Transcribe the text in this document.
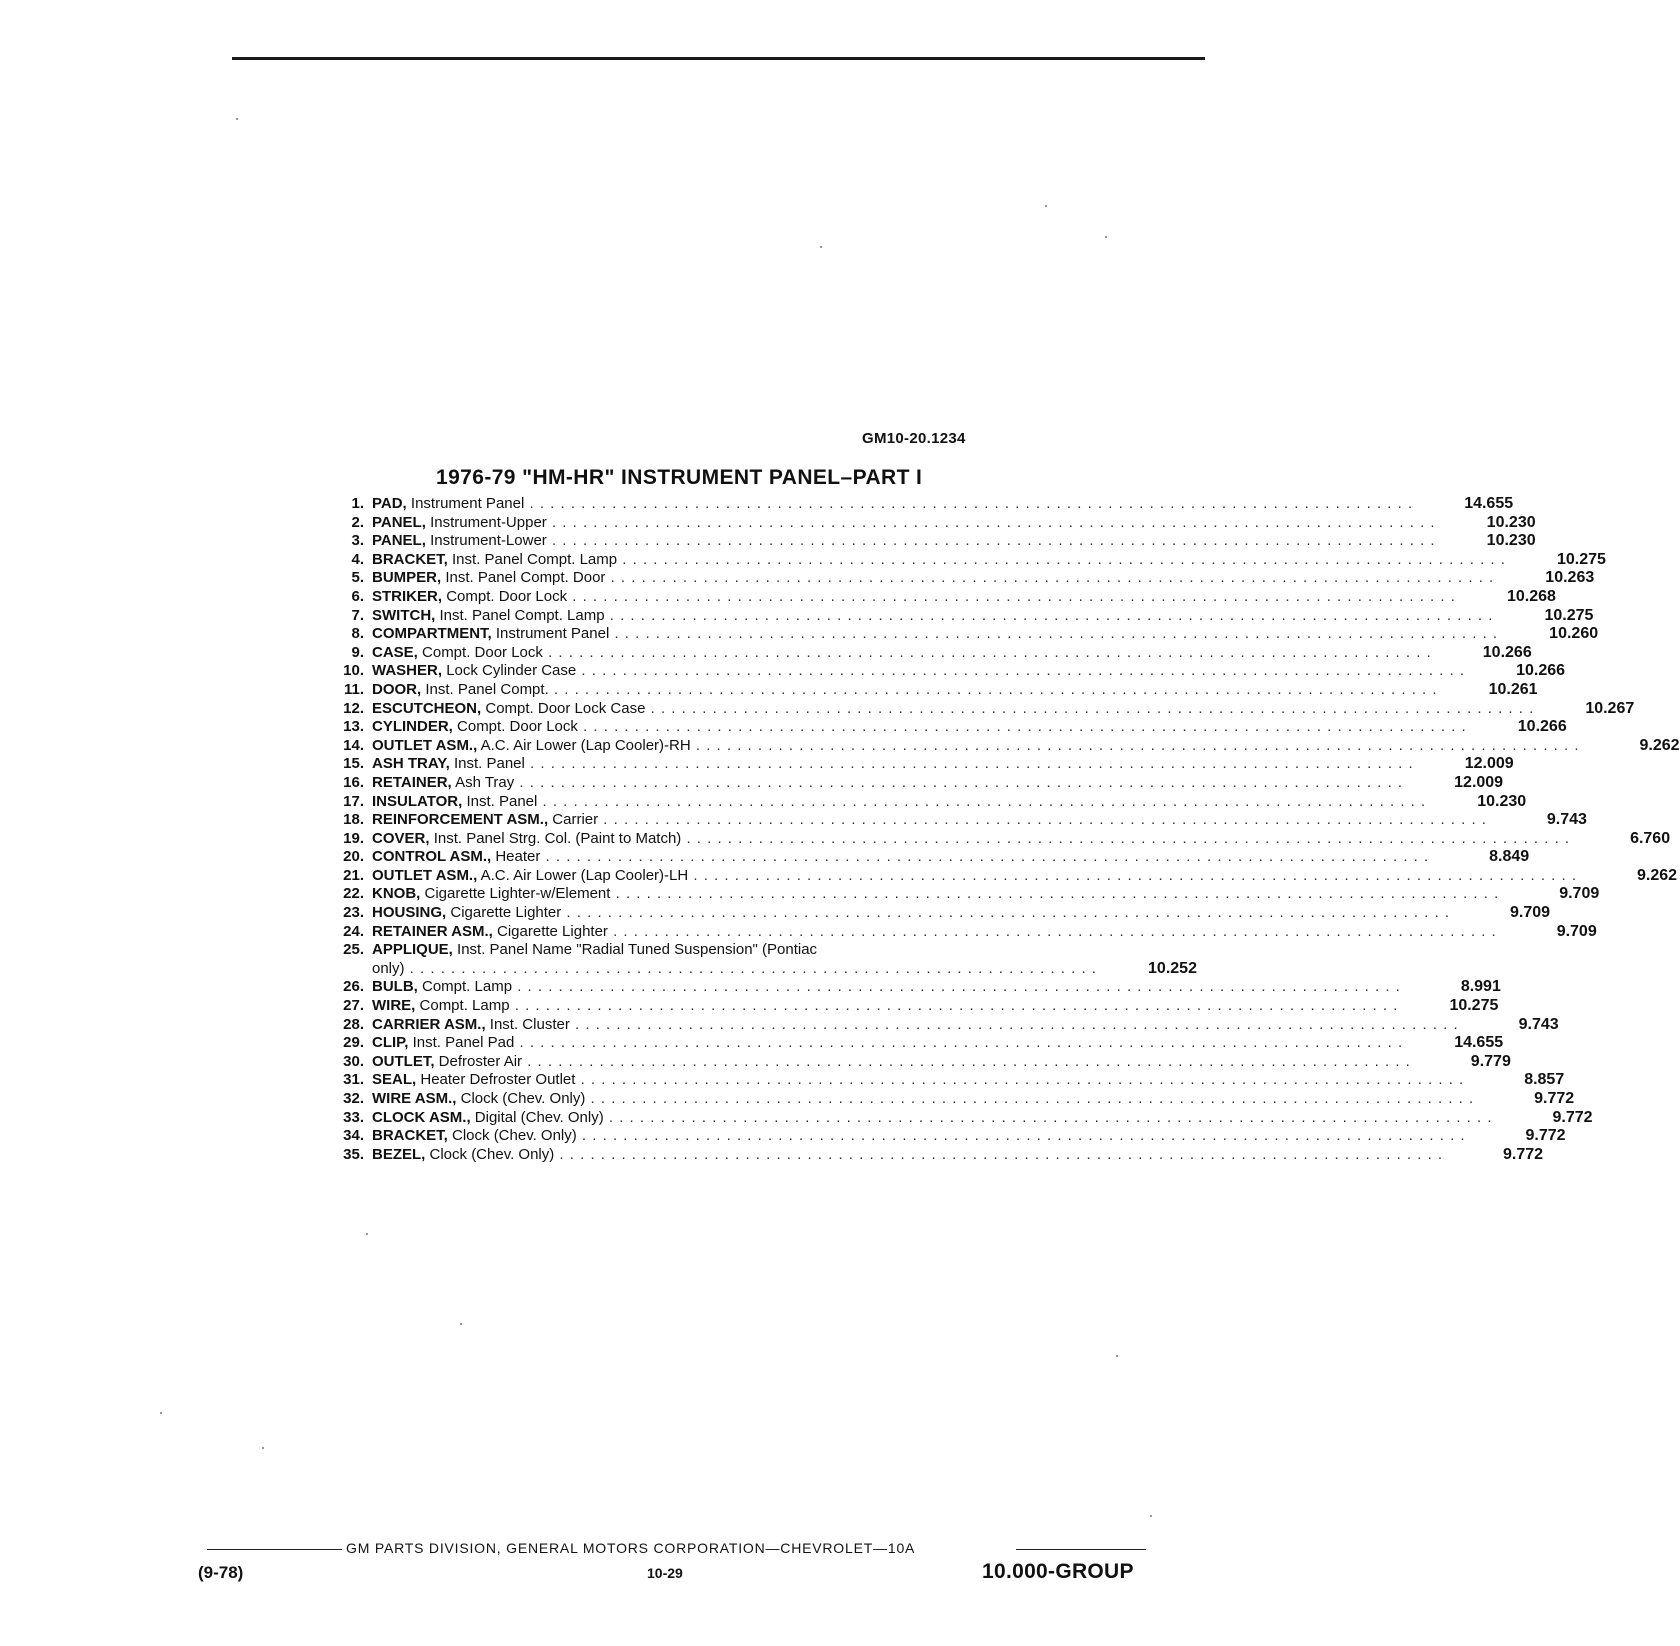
GM10-20.1234
1976-79 "HM-HR" INSTRUMENT PANEL–PART I
1. PAD, Instrument Panel . . .	14.655
2. PANEL, Instrument-Upper . . .	10.230
3. PANEL, Instrument-Lower . . .	10.230
4. BRACKET, Inst. Panel Compt. Lamp . . .	10.275
5. BUMPER, Inst. Panel Compt. Door . . .	10.263
6. STRIKER, Compt. Door Lock . . .	10.268
7. SWITCH, Inst. Panel Compt. Lamp . . .	10.275
8. COMPARTMENT, Instrument Panel . . .	10.260
9. CASE, Compt. Door Lock . . .	10.266
10. WASHER, Lock Cylinder Case . . .	10.266
11. DOOR, Inst. Panel Compt. . . .	10.261
12. ESCUTCHEON, Compt. Door Lock Case . . .	10.267
13. CYLINDER, Compt. Door Lock . . .	10.266
14. OUTLET ASM., A.C. Air Lower (Lap Cooler)-RH . . .	9.262
15. ASH TRAY, Inst. Panel . . .	12.009
16. RETAINER, Ash Tray . . .	12.009
17. INSULATOR, Inst. Panel . . .	10.230
18. REINFORCEMENT ASM., Carrier . . .	9.743
19. COVER, Inst. Panel Strg. Col. (Paint to Match) . . .	6.760
20. CONTROL ASM., Heater . . .	8.849
21. OUTLET ASM., A.C. Air Lower (Lap Cooler)-LH . . .	9.262
22. KNOB, Cigarette Lighter-w/Element . . .	9.709
23. HOUSING, Cigarette Lighter . . .	9.709
24. RETAINER ASM., Cigarette Lighter . . .	9.709
25. APPLIQUE, Inst. Panel Name "Radial Tuned Suspension" (Pontiac
only) . . . . . . . . . . . . . . . . . . . . . . . . . . . . . . . . . . . . . . . . . . . . . . . . . . . . . . . . . . . . . . . . . . .	10.252
26. BULB, Compt. Lamp . . .	8.991
27. WIRE, Compt. Lamp . . .	10.275
28. CARRIER ASM., Inst. Cluster . . .	9.743
29. CLIP, Inst. Panel Pad . . .	14.655
30. OUTLET, Defroster Air . . .	9.779
31. SEAL, Heater Defroster Outlet . . .	8.857
32. WIRE ASM., Clock (Chev. Only) . . .	9.772
33. CLOCK ASM., Digital (Chev. Only) . . .	9.772
34. BRACKET, Clock (Chev. Only) . . .	9.772
35. BEZEL, Clock (Chev. Only) . . .	9.772
GM PARTS DIVISION, GENERAL MOTORS CORPORATION—CHEVROLET—10A
(9-78)	10-29	10.000-GROUP
